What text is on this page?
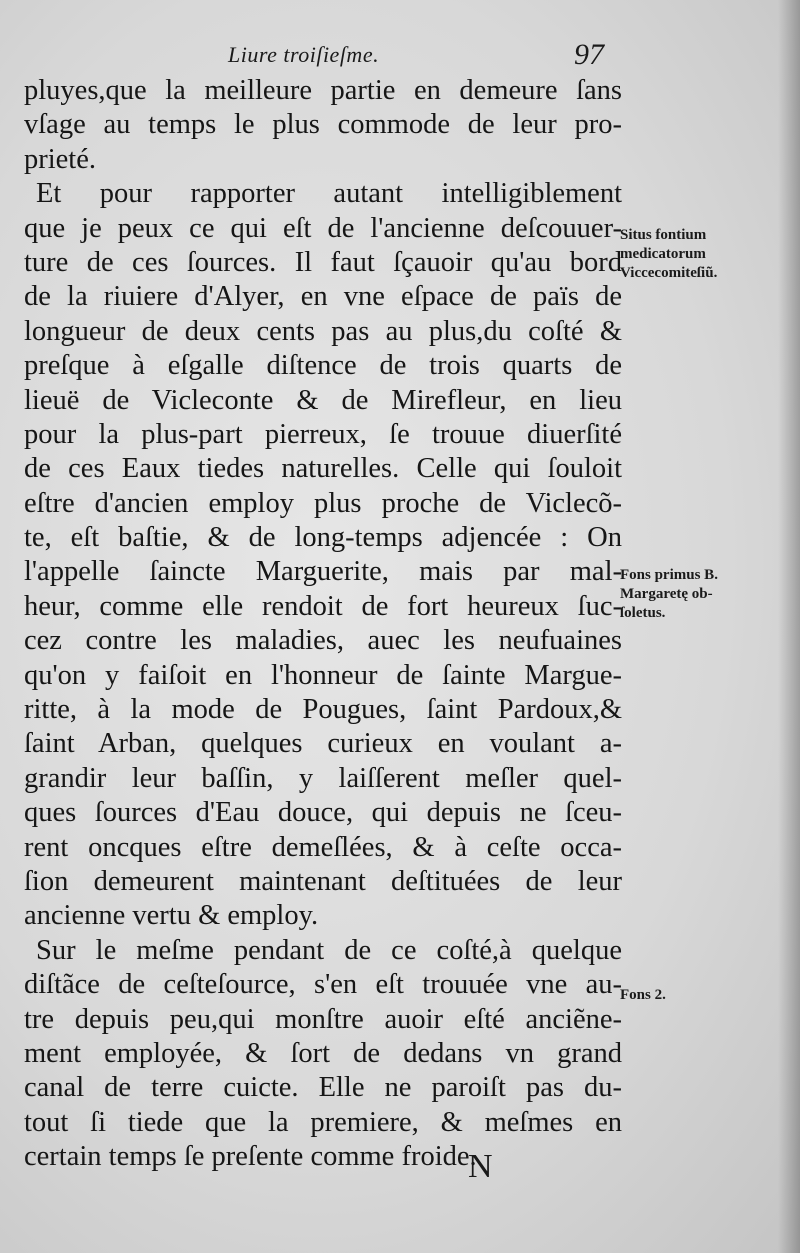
Liure troiſieſme.	97
pluyes,que la meilleure partie en demeure ſans
vſage au temps le plus commode de leur pro-
prieté.
Et pour rapporter autant intelligiblement
que je peux ce qui eſt de l'ancienne deſcouuer-
ture de ces ſources. Il faut ſçauoir qu'au bord
de la riuiere d'Alyer, en vne eſpace de païs de
longueur de deux cents pas au plus,du coſté &
preſque à eſgalle diſtence de trois quarts de
lieuë de Vicleconte & de Mirefleur, en lieu
pour la plus-part pierreux, ſe trouue diuerſité
de ces Eaux tiedes naturelles. Celle qui ſouloit
eſtre d'ancien employ plus proche de Viclecõ-
te, eſt baſtie, & de long-temps adjencée : On
l'appelle ſaincte Marguerite, mais par mal-
heur, comme elle rendoit de fort heureux ſuc-
cez contre les maladies, auec les neufuaines
qu'on y faiſoit en l'honneur de ſainte Margue-
ritte, à la mode de Pougues, ſaint Pardoux,&
ſaint Arban, quelques curieux en voulant a-
grandir leur baſſin, y laiſſerent meſler quel-
ques ſources d'Eau douce, qui depuis ne ſceu-
rent oncques eſtre demeſlées, & à ceſte occa-
ſion demeurent maintenant deſtituées de leur
ancienne vertu & employ.
Sur le meſme pendant de ce coſté,à quelque
diſtãce de ceſteſource, s'en eſt trouuée vne au-
tre depuis peu,qui monſtre auoir eſté anciẽne-
ment employée, & ſort de dedans vn grand
canal de terre cuicte. Elle ne paroiſt pas du-
tout ſi tiede que la premiere, & meſmes en
certain temps ſe preſente comme froide.
Situs fontium
medicatorum
Viccecomiteſiũ.
Fons primus B.
Margaretę ob-
ſoletus.
Fons 2.
N
